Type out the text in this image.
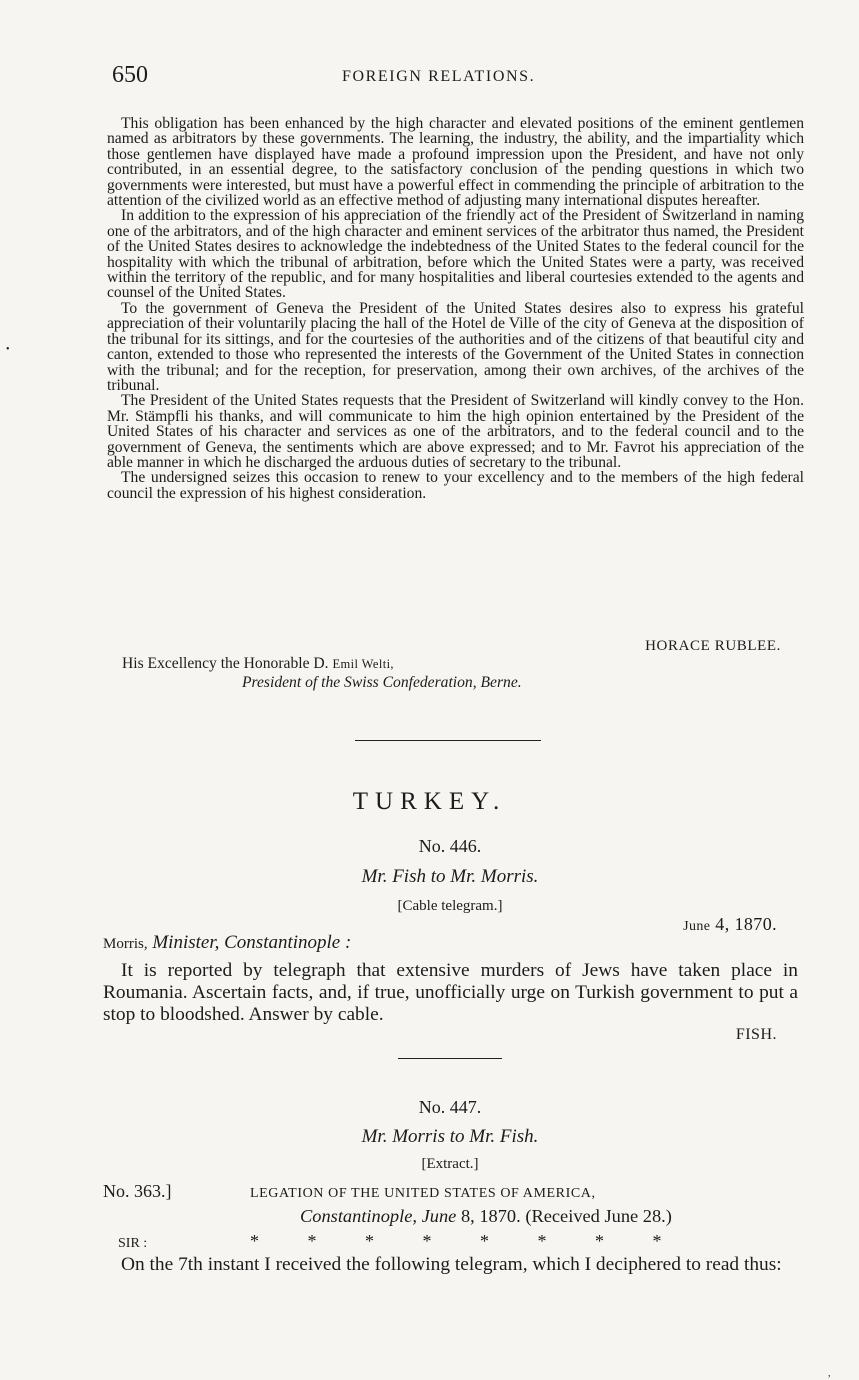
650	FOREIGN RELATIONS.

This obligation has been enhanced by the high character and elevated positions of the eminent gentlemen named as arbitrators by these governments. The learning, the industry, the ability, and the impartiality which those gentlemen have displayed have made a profound impression upon the President, and have not only contributed, in an essential degree, to the satisfactory conclusion of the pending questions in which two governments were interested, but must have a powerful effect in commending the principle of arbitration to the attention of the civilized world as an effective method of adjusting many international disputes hereafter.

In addition to the expression of his appreciation of the friendly act of the President of Switzerland in naming one of the arbitrators, and of the high character and eminent services of the arbitrator thus named, the President of the United States desires to acknowledge the indebtedness of the United States to the federal council for the hospitality with which the tribunal of arbitration, before which the United States were a party, was received within the territory of the republic, and for many hospitalities and liberal courtesies extended to the agents and counsel of the United States.

To the government of Geneva the President of the United States desires also to express his grateful appreciation of their voluntarily placing the hall of the Hotel de Ville of the city of Geneva at the disposition of the tribunal for its sittings, and for the courtesies of the authorities and of the citizens of that beautiful city and canton, extended to those who represented the interests of the Government of the United States in connection with the tribunal; and for the reception, for preservation, among their own archives, of the archives of the tribunal.

The President of the United States requests that the President of Switzerland will kindly convey to the Hon. Mr. Stämpfli his thanks, and will communicate to him the high opinion entertained by the President of the United States of his character and services as one of the arbitrators, and to the federal council and to the government of Geneva, the sentiments which are above expressed; and to Mr. Favrot his appreciation of the able manner in which he discharged the arduous duties of secretary to the tribunal.

The undersigned seizes this occasion to renew to your excellency and to the members of the high federal council the expression of his highest consideration.

•
HORACE RUBLEE.
His Excellency the Honorable D. Emil Welti,
President of the Swiss Confederation, Berne.
TURKEY.
No. 446.
Mr. Fish to Mr. Morris.
[Cable telegram.]
June 4, 1870.
Morris, Minister, Constantinople :

It is reported by telegraph that extensive murders of Jews have taken place in Roumania. Ascertain facts, and, if true, unofficially urge on Turkish government to put a stop to bloodshed. Answer by cable.

FISH.
No. 447.
Mr. Morris to Mr. Fish.
[Extract.]
No. 363.]	LEGATION OF THE UNITED STATES OF AMERICA,
Constantinople, June 8, 1870. (Received June 28.)
SIR :	* * * * * * * *

On the 7th instant I received the following telegram, which I deciphered to read thus:

,
